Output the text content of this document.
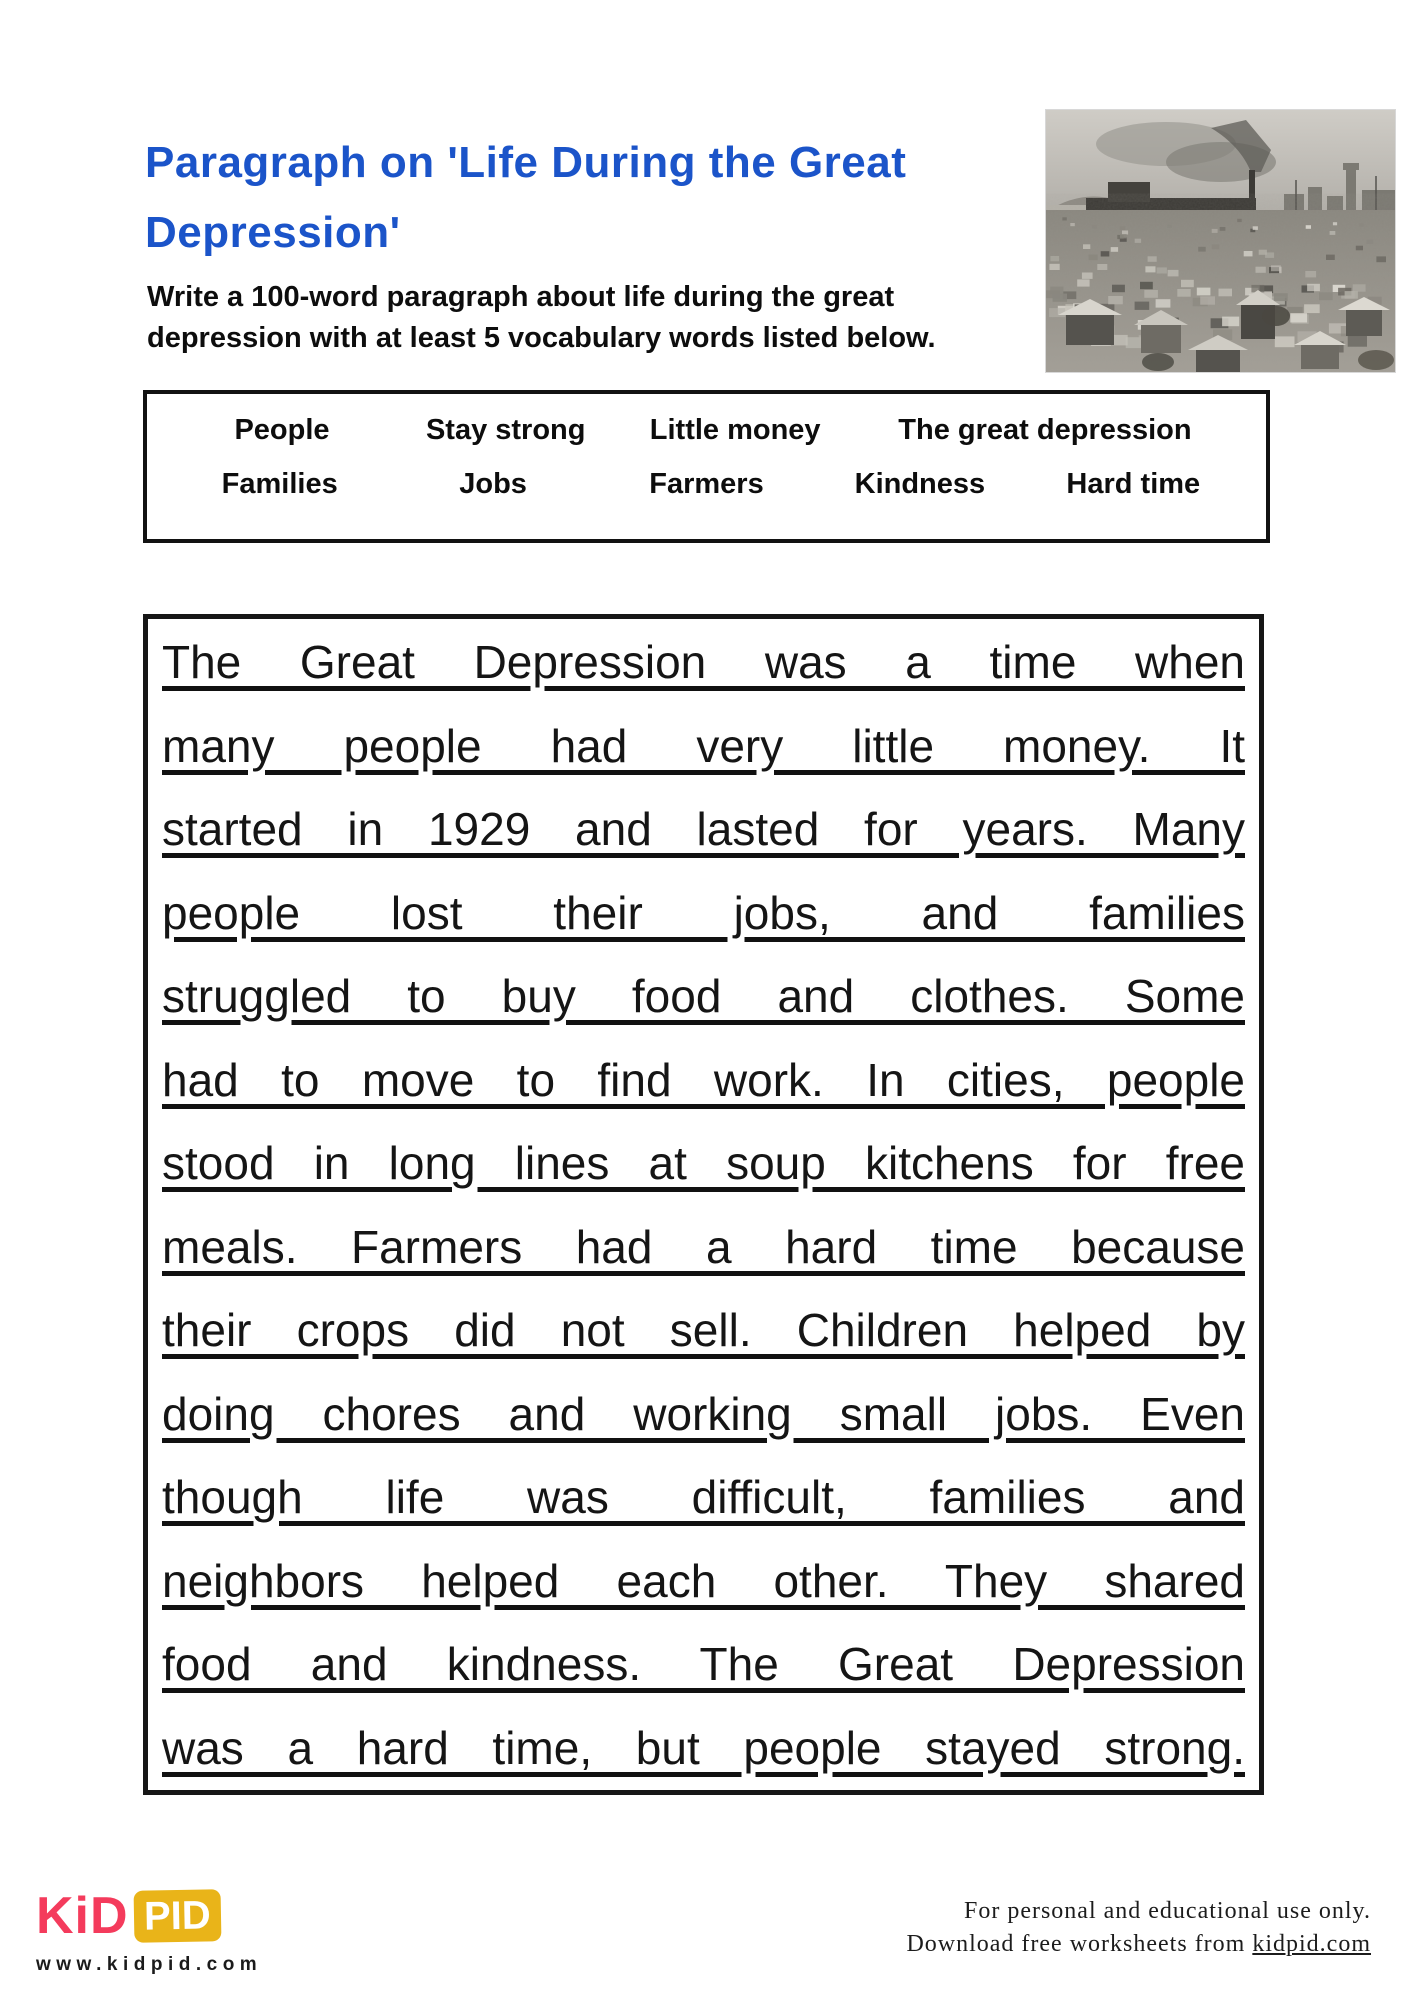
Paragraph on 'Life During the Great
Depression'
Write a 100-word paragraph about life during the great
depression with at least 5 vocabulary words listed below.
People	Stay strong	Little money	The great depression
Families	Jobs	Farmers	Kindness	Hard time
The Great Depression was a time when
many people had very little money. It
started in 1929 and lasted for years. Many
people lost their jobs, and families
struggled to buy food and clothes. Some
had to move to find work. In cities, people
stood in long lines at soup kitchens for free
meals. Farmers had a hard time because
their crops did not sell. Children helped by
doing chores and working small jobs. Even
though life was difficult, families and
neighbors helped each other. They shared
food and kindness. The Great Depression
was a hard time, but people stayed strong.
KiD PID
www.kidpid.com
For personal and educational use only.
Download free worksheets from kidpid.com
